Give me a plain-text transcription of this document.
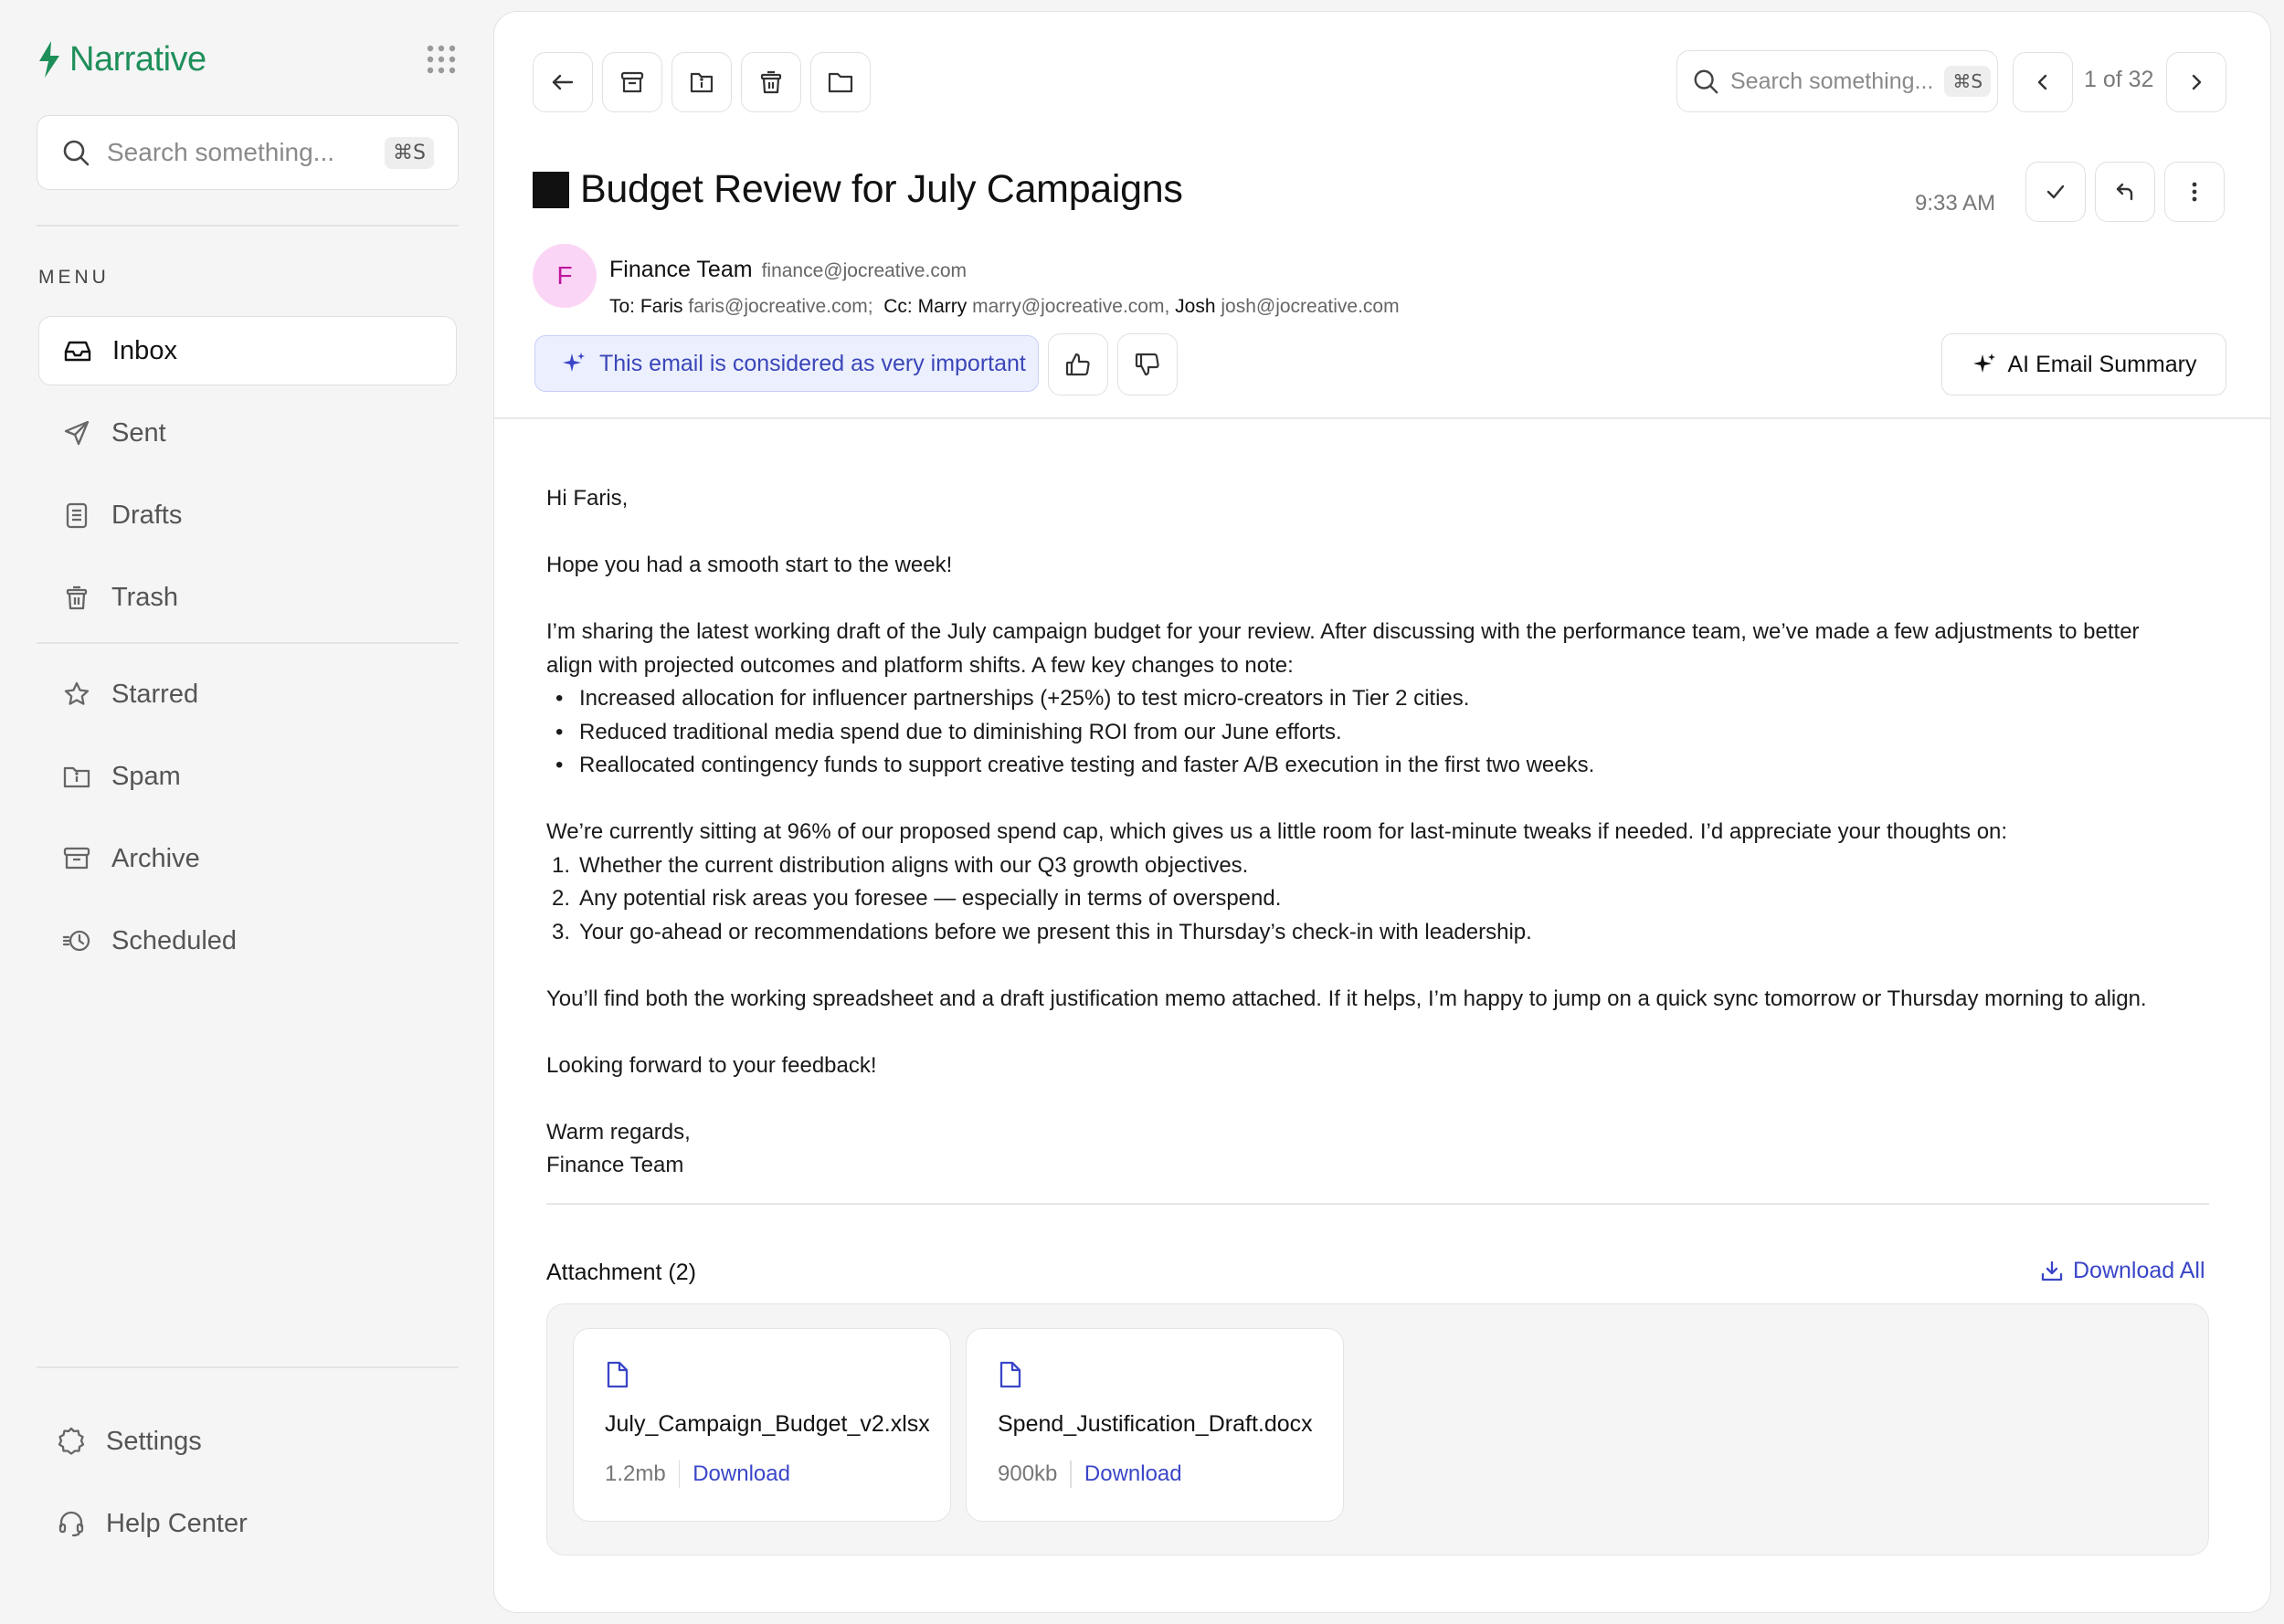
Narrative
Search something...	⌘S
MENU
Inbox
Sent
Drafts
Trash
Starred
Spam
Archive
Scheduled
Settings
Help Center
Search something...	⌘S	1 of 32
Budget Review for July Campaigns	9:33 AM
F	Finance Team finance@jocreative.com
To: Faris faris@jocreative.com; Cc: Marry marry@jocreative.com, Josh josh@jocreative.com
This email is considered as very important	AI Email Summary

Hi Faris,

Hope you had a smooth start to the week!

I’m sharing the latest working draft of the July campaign budget for your review. After discussing with the performance team, we’ve made a few adjustments to better

align with projected outcomes and platform shifts. A few key changes to note:

• Increased allocation for influencer partnerships (+25%) to test micro-creators in Tier 2 cities.
• Reduced traditional media spend due to diminishing ROI from our June efforts.
• Reallocated contingency funds to support creative testing and faster A/B execution in the first two weeks.

We’re currently sitting at 96% of our proposed spend cap, which gives us a little room for last-minute tweaks if needed. I’d appreciate your thoughts on:

1. Whether the current distribution aligns with our Q3 growth objectives.
2. Any potential risk areas you foresee — especially in terms of overspend.
3. Your go-ahead or recommendations before we present this in Thursday’s check-in with leadership.

You’ll find both the working spreadsheet and a draft justification memo attached. If it helps, I’m happy to jump on a quick sync tomorrow or Thursday morning to align.

Looking forward to your feedback!

Warm regards,

Finance Team

Attachment (2)	Download All
July_Campaign_Budget_v2.xlsx
1.2mb Download
Spend_Justification_Draft.docx
900kb Download
